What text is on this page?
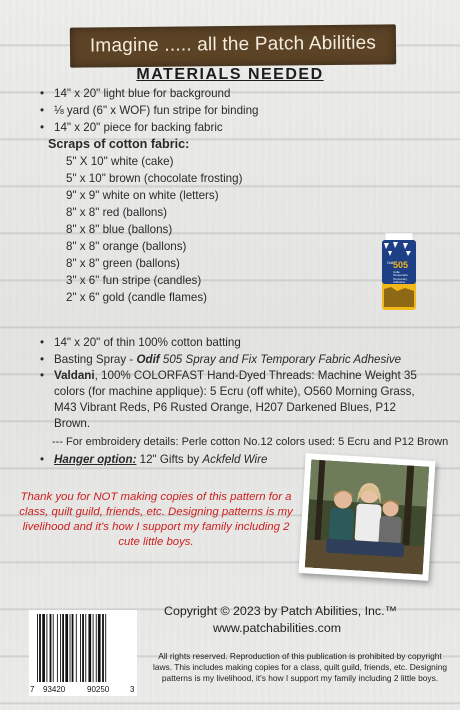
Imagine ..... all the Patch Abilities
MATERIALS NEEDED
• 14" x 20" light blue for background
• ⅛ yard (6" x WOF) fun stripe for binding
• 14" x 20" piece for backing fabric
Scraps of cotton fabric:
5" X 10" white (cake)
5" x 10" brown (chocolate frosting)
9" x 9" white on white (letters)
8" x 8" red (ballons)
8" x 8" blue (ballons)
8" x 8" orange (ballons)
8" x 8" green (ballons)
3" x 6" fun stripe (candles)
2" x 6" gold (candle flames)
• 14" x 20" of thin 100% cotton batting
• Basting Spray - Odif 505 Spray and Fix Temporary Fabric Adhesive
• Valdani, 100% COLORFAST Hand-Dyed Threads: Machine Weight 35 colors (for machine applique): 5 Ecru (off white), O560 Morning Grass, M43 Vibrant Reds, P6 Rusted Orange, H207 Darkened Blues, P12 Brown.
--- For embroidery details: Perle cotton No.12 colors used: 5 Ecru and P12 Brown
• Hanger option: 12" Gifts by Ackfeld Wire
Odif
505
Colle
Temporaire
Temporary
Adhesive
Thank you for NOT making copies of this pattern for a class, quilt guild, friends, etc. Designing patterns is my livelihood and it's how I support my family including 2 cute little boys.
Copyright © 2023 by Patch Abilities, Inc.™
www.patchabilities.com
7 93420	90250	3
All rights reserved. Reproduction of this publication is prohibited by copyright laws. This includes making copies for a class, quilt guild, friends, etc. Designing patterns is my livelihood, it's how I support my family including 2 little boys.
